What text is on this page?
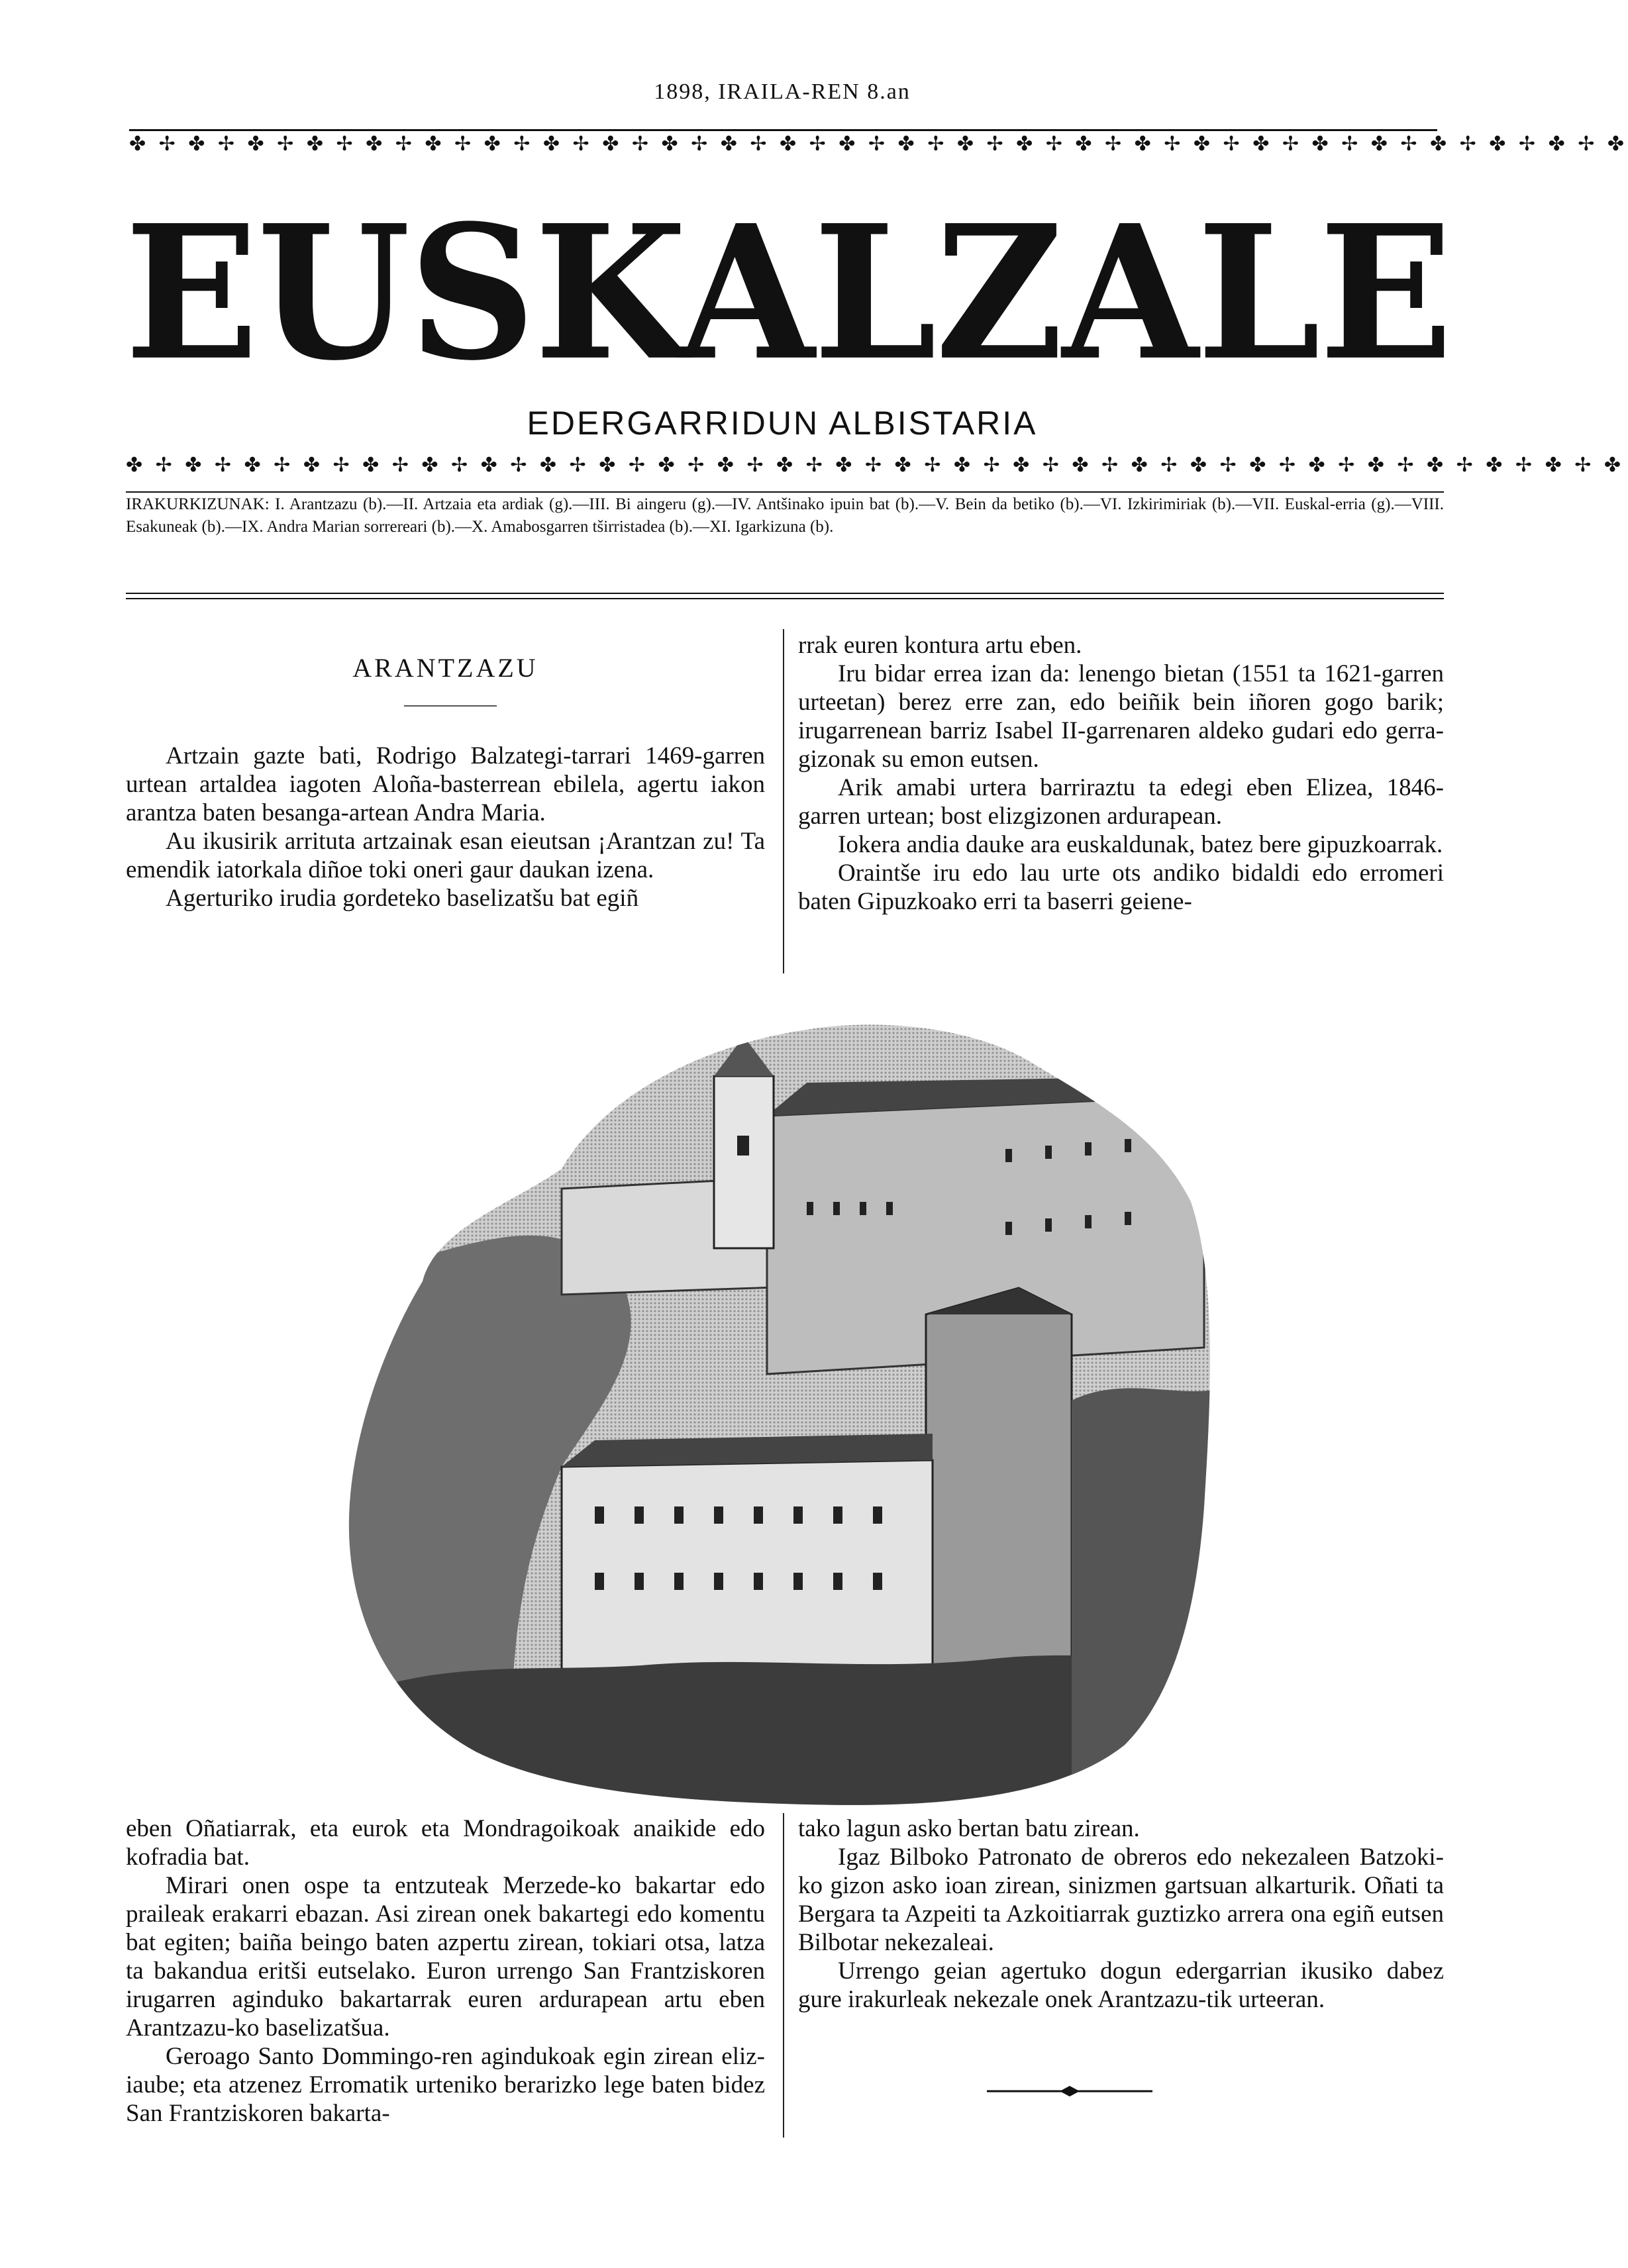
1898, IRAILA-REN 8.an
✤ ✢ ✤ ✢ ✤ ✢ ✤ ✢ ✤ ✢ ✤ ✢ ✤ ✢ ✤ ✢ ✤ ✢ ✤ ✢ ✤ ✢ ✤ ✢ ✤ ✢ ✤ ✢ ✤ ✢ ✤ ✢ ✤ ✢ ✤ ✢ ✤ ✢ ✤ ✢ ✤ ✢ ✤ ✢ ✤ ✢ ✤ ✢ ✤ ✢ ✤
EUSKALZALE
EDERGARRIDUN ALBISTARIA
✤ ✢ ✤ ✢ ✤ ✢ ✤ ✢ ✤ ✢ ✤ ✢ ✤ ✢ ✤ ✢ ✤ ✢ ✤ ✢ ✤ ✢ ✤ ✢ ✤ ✢ ✤ ✢ ✤ ✢ ✤ ✢ ✤ ✢ ✤ ✢ ✤ ✢ ✤ ✢ ✤ ✢ ✤ ✢ ✤ ✢ ✤ ✢ ✤ ✢ ✤
IRAKURKIZUNAK: I. Arantzazu (b).—II. Artzaia eta ardiak (g).—III. Bi aingeru (g).—IV. Antšinako ipuin bat (b).—V. Bein da betiko (b).—VI. Izkirimiriak (b).—VII. Euskal-erria (g).—VIII. Esakuneak (b).—IX. Andra Marian sorrereari (b).—X. Amabosgarren tširristadea (b).—XI. Igarkizuna (b).
ARANTZAZU

Artzain gazte bati, Rodrigo Balzategi-tarrari 1469-garren urtean artaldea iagoten Aloña-basterrean ebilela, agertu iakon arantza baten besanga-artean Andra Maria.

Au ikusirik arrituta artzainak esan eieutsan ¡Arantzan zu! Ta emendik iatorkala diñoe toki oneri gaur daukan izena.

Agerturiko irudia gordeteko baselizatšu bat egiñ

rrak euren kontura artu eben.

Iru bidar errea izan da: lenengo bietan (1551 ta 1621-garren urteetan) berez erre zan, edo beiñik bein iñoren gogo barik; irugarrenean barriz Isabel II-garrenaren aldeko gudari edo gerra-gizonak su emon eutsen.

Arik amabi urtera barriraztu ta edegi eben Elizea, 1846-garren urtean; bost elizgizonen ardurapean.

Iokera andia dauke ara euskaldunak, batez bere gipuzkoarrak.

Oraintše iru edo lau urte ots andiko bidaldi edo erromeri baten Gipuzkoako erri ta baserri geiene-

eben Oñatiarrak, eta eurok eta Mondragoikoak anaikide edo kofradia bat.

Mirari onen ospe ta entzuteak Merzede-ko bakartar edo praileak erakarri ebazan. Asi zirean onek bakartegi edo komentu bat egiten; baiña beingo baten azpertu zirean, tokiari otsa, latza ta bakandua eritši eutselako. Euron urrengo San Frantziskoren irugarren aginduko bakartarrak euren ardurapean artu eben Arantzazu-ko baselizatšua.

Geroago Santo Dommingo-ren agindukoak egin zirean eliz-iaube; eta atzenez Erromatik urteniko berarizko lege baten bidez San Frantziskoren bakarta-

tako lagun asko bertan batu zirean.

Igaz Bilboko Patronato de obreros edo nekezaleen Batzoki-ko gizon asko ioan zirean, sinizmen gartsuan alkarturik. Oñati ta Bergara ta Azpeiti ta Azkoitiarrak guztizko arrera ona egiñ eutsen Bilbotar nekezaleai.

Urrengo geian agertuko dogun edergarrian ikusiko dabez gure irakurleak nekezale onek Arantzazu-tik urteeran.
